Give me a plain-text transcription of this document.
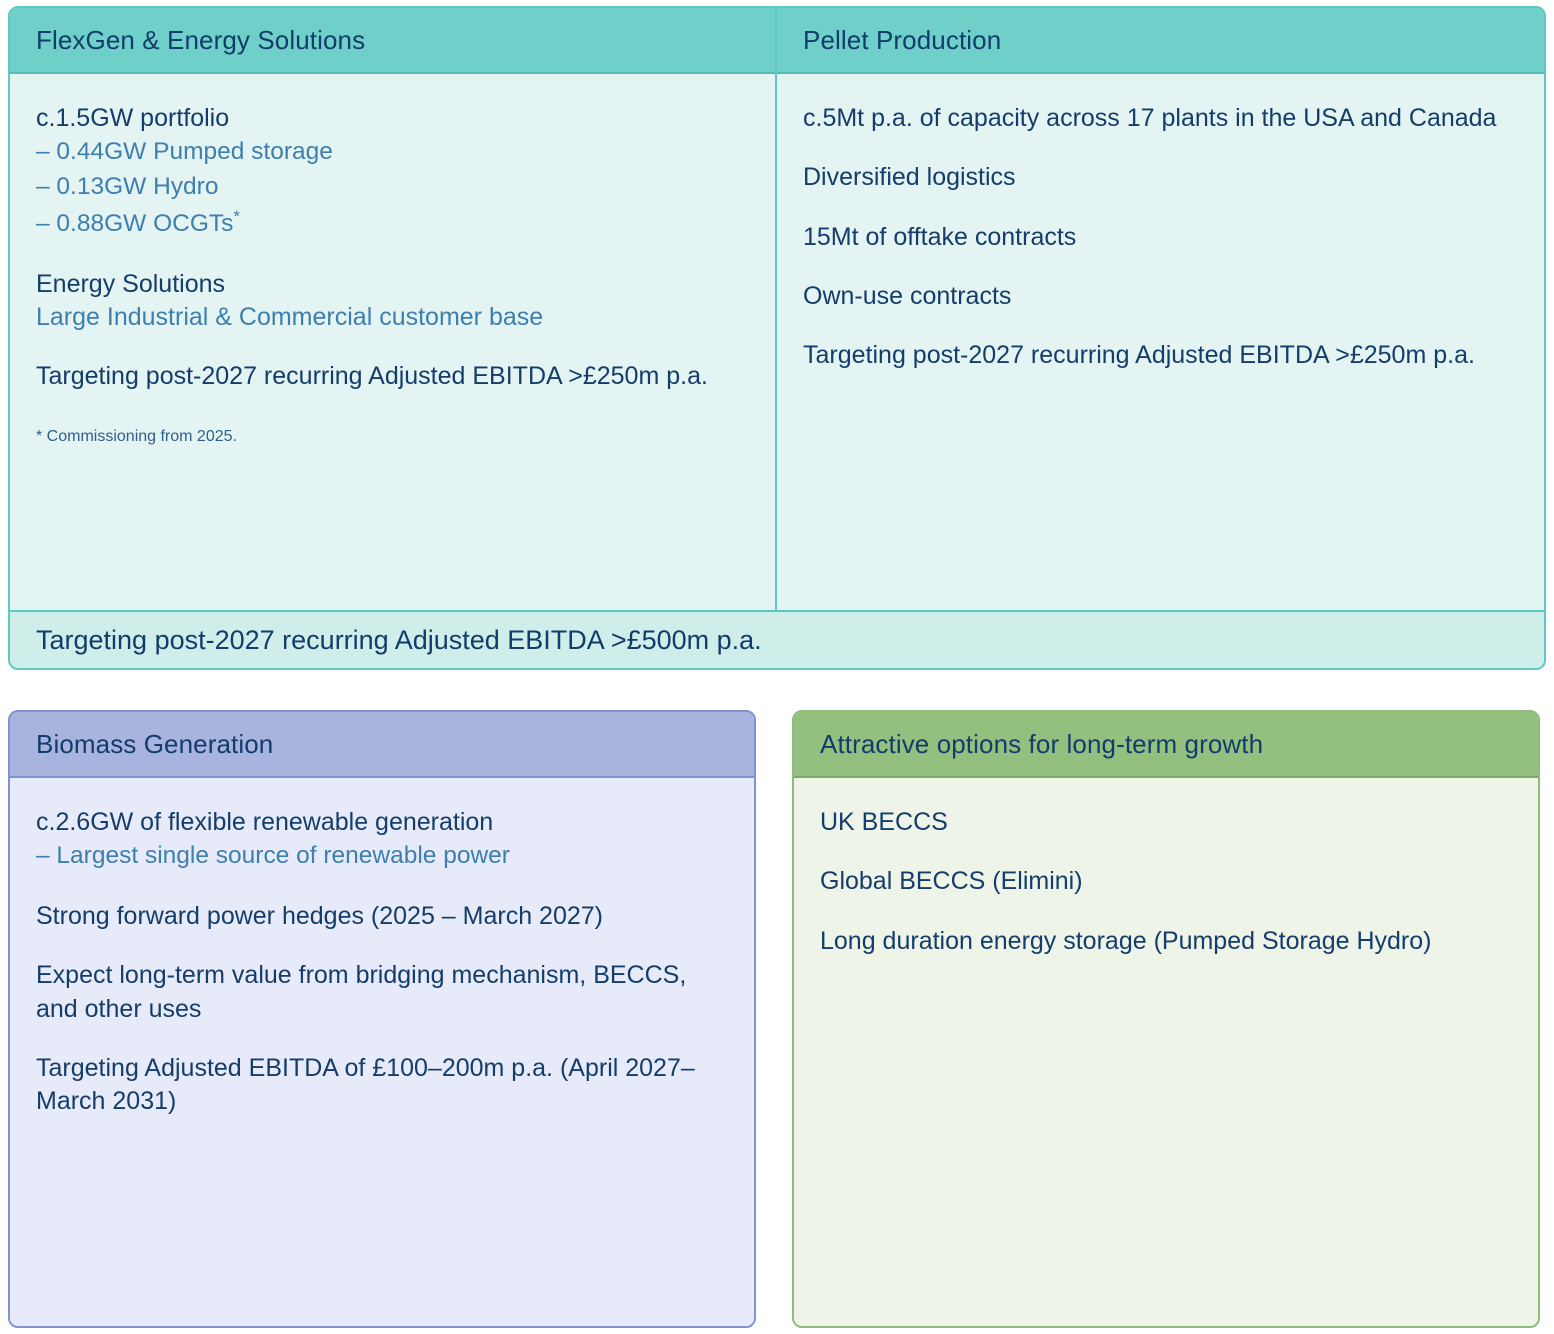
FlexGen & Energy Solutions
c.1.5GW portfolio
– 0.44GW Pumped storage
– 0.13GW Hydro
– 0.88GW OCGTs*
Energy Solutions
Large Industrial & Commercial customer base
Targeting post-2027 recurring Adjusted EBITDA >£250m p.a.
* Commissioning from 2025.
Pellet Production
c.5Mt p.a. of capacity across 17 plants in the USA and Canada
Diversified logistics
15Mt of offtake contracts
Own-use contracts
Targeting post-2027 recurring Adjusted EBITDA >£250m p.a.
Targeting post-2027 recurring Adjusted EBITDA >£500m p.a.
Biomass Generation
c.2.6GW of flexible renewable generation
– Largest single source of renewable power
Strong forward power hedges (2025 – March 2027)
Expect long-term value from bridging mechanism, BECCS, and other uses
Targeting Adjusted EBITDA of £100–200m p.a. (April 2027– March 2031)
Attractive options for long-term growth
UK BECCS
Global BECCS (Elimini)
Long duration energy storage (Pumped Storage Hydro)
